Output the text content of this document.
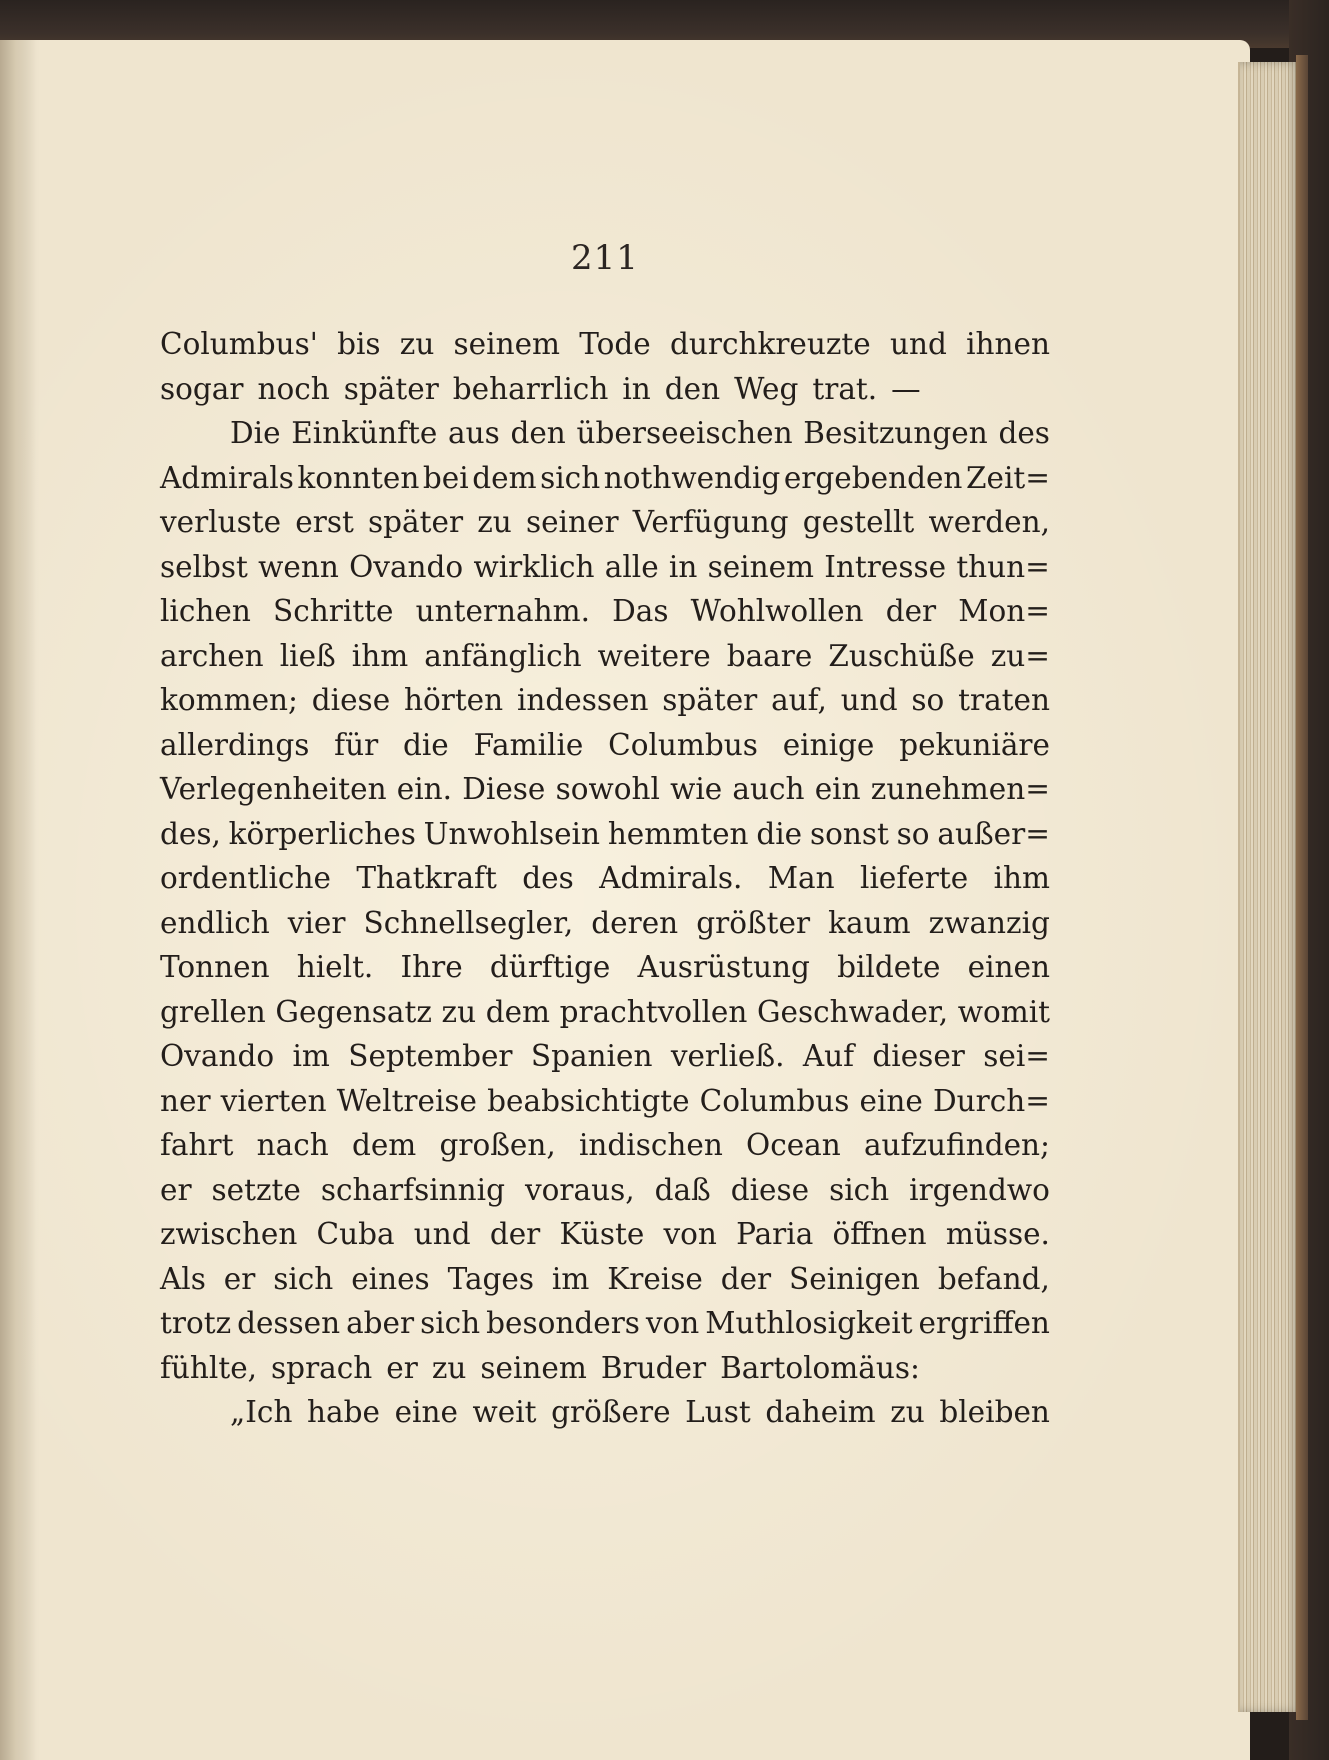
211

Columbus' bis zu seinem Tode durchkreuzte und ihnen
sogar noch später beharrlich in den Weg trat. —
Die Einkünfte aus den überseeischen Besitzungen des
Admirals konnten bei dem sich nothwendig ergebenden Zeit=
verluste erst später zu seiner Verfügung gestellt werden,
selbst wenn Ovando wirklich alle in seinem Intresse thun=
lichen Schritte unternahm. Das Wohlwollen der Mon=
archen ließ ihm anfänglich weitere baare Zuschüße zu=
kommen; diese hörten indessen später auf, und so traten
allerdings für die Familie Columbus einige pekuniäre
Verlegenheiten ein. Diese sowohl wie auch ein zunehmen=
des, körperliches Unwohlsein hemmten die sonst so außer=
ordentliche Thatkraft des Admirals. Man lieferte ihm
endlich vier Schnellsegler, deren größter kaum zwanzig
Tonnen hielt. Ihre dürftige Ausrüstung bildete einen
grellen Gegensatz zu dem prachtvollen Geschwader, womit
Ovando im September Spanien verließ. Auf dieser sei=
ner vierten Weltreise beabsichtigte Columbus eine Durch=
fahrt nach dem großen, indischen Ocean aufzufinden;
er setzte scharfsinnig voraus, daß diese sich irgendwo
zwischen Cuba und der Küste von Paria öffnen müsse.
Als er sich eines Tages im Kreise der Seinigen befand,
trotz dessen aber sich besonders von Muthlosigkeit ergriffen
fühlte, sprach er zu seinem Bruder Bartolomäus:
„Ich habe eine weit größere Lust daheim zu bleiben
